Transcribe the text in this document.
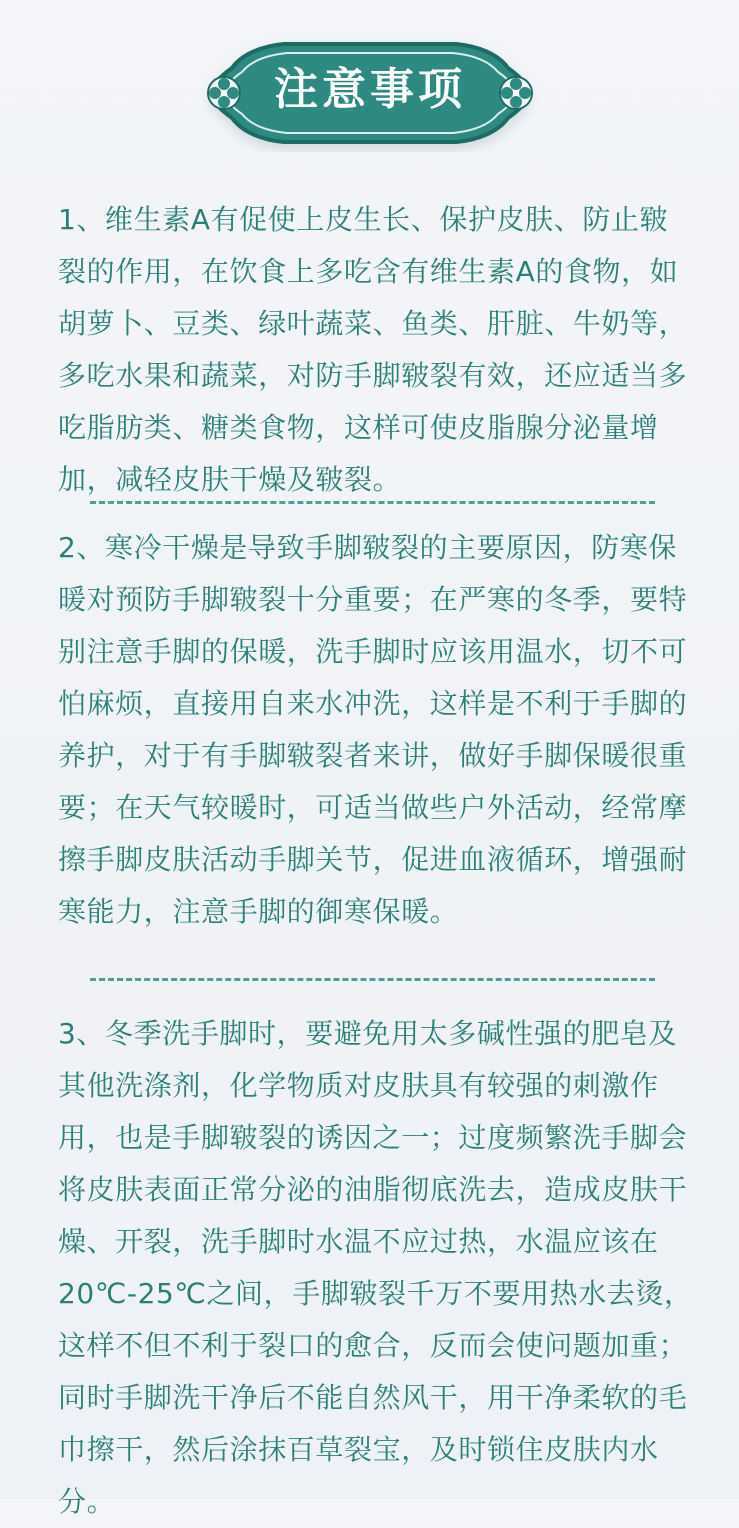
注意事项
1、维生素A有促使上皮生长、保护皮肤、防止皲裂的作用，在饮食上多吃含有维生素A的食物，如胡萝卜、豆类、绿叶蔬菜、鱼类、肝脏、牛奶等，多吃水果和蔬菜，对防手脚皲裂有效，还应适当多吃脂肪类、糖类食物，这样可使皮脂腺分泌量增加，减轻皮肤干燥及皲裂。
2、寒冷干燥是导致手脚皲裂的主要原因，防寒保暖对预防手脚皲裂十分重要；在严寒的冬季，要特别注意手脚的保暖，洗手脚时应该用温水，切不可怕麻烦，直接用自来水冲洗，这样是不利于手脚的养护，对于有手脚皲裂者来讲，做好手脚保暖很重要；在天气较暖时，可适当做些户外活动，经常摩擦手脚皮肤活动手脚关节，促进血液循环，增强耐寒能力，注意手脚的御寒保暖。
3、冬季洗手脚时，要避免用太多碱性强的肥皂及其他洗涤剂，化学物质对皮肤具有较强的刺激作用，也是手脚皲裂的诱因之一；过度频繁洗手脚会将皮肤表面正常分泌的油脂彻底洗去，造成皮肤干燥、开裂，洗手脚时水温不应过热，水温应该在20℃-25℃之间，手脚皲裂千万不要用热水去烫，这样不但不利于裂口的愈合，反而会使问题加重；同时手脚洗干净后不能自然风干，用干净柔软的毛巾擦干，然后涂抹百草裂宝，及时锁住皮肤内水分。
